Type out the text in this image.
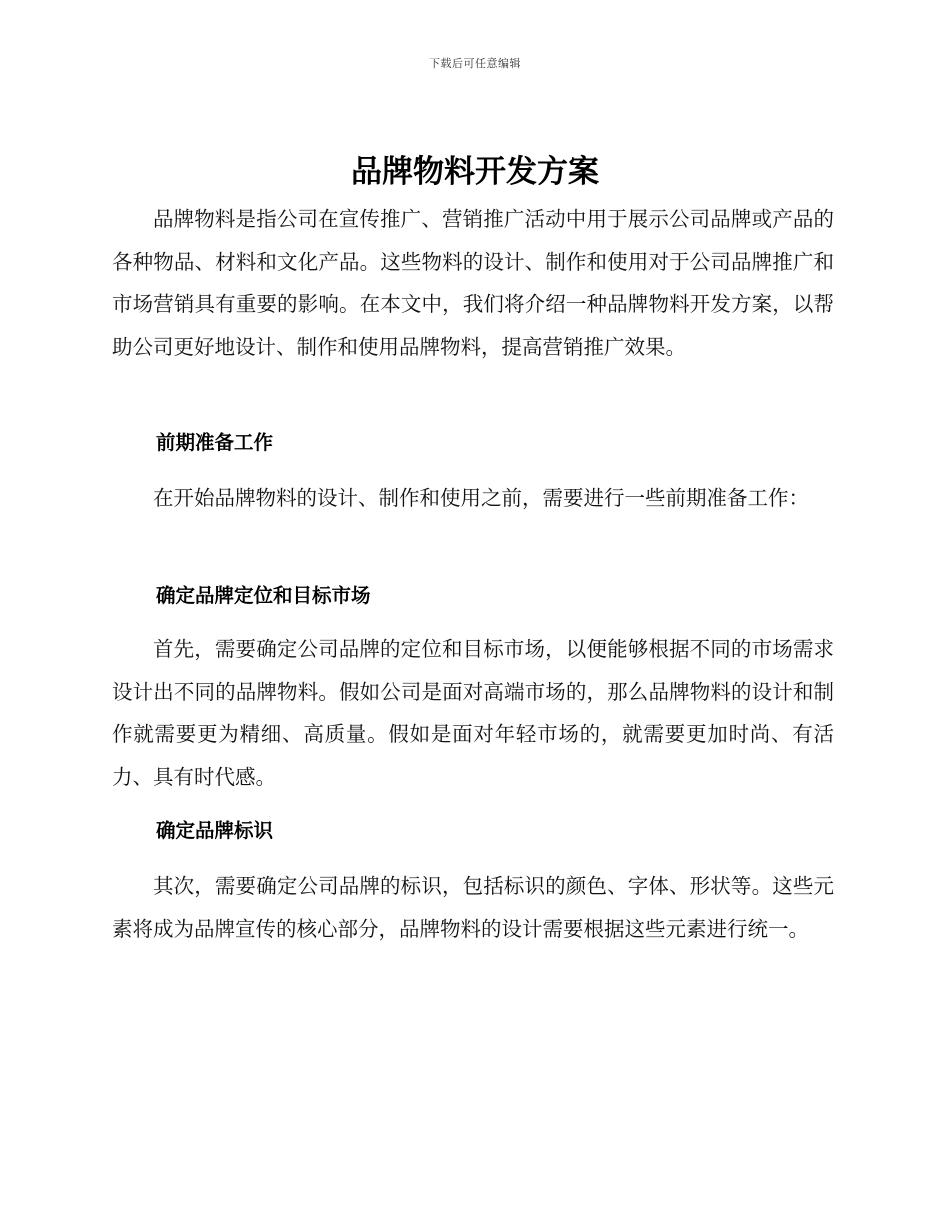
下载后可任意编辑
品牌物料开发方案

品牌物料是指公司在宣传推广、营销推广活动中用于展示公司品牌或产品的各种物品、材料和文化产品。这些物料的设计、制作和使用对于公司品牌推广和市场营销具有重要的影响。在本文中，我们将介绍一种品牌物料开发方案，以帮助公司更好地设计、制作和使用品牌物料，提高营销推广效果。

前期准备工作

在开始品牌物料的设计、制作和使用之前，需要进行一些前期准备工作：

确定品牌定位和目标市场

首先，需要确定公司品牌的定位和目标市场，以便能够根据不同的市场需求设计出不同的品牌物料。假如公司是面对高端市场的，那么品牌物料的设计和制作就需要更为精细、高质量。假如是面对年轻市场的，就需要更加时尚、有活力、具有时代感。

确定品牌标识

其次，需要确定公司品牌的标识，包括标识的颜色、字体、形状等。这些元素将成为品牌宣传的核心部分，品牌物料的设计需要根据这些元素进行统一。
